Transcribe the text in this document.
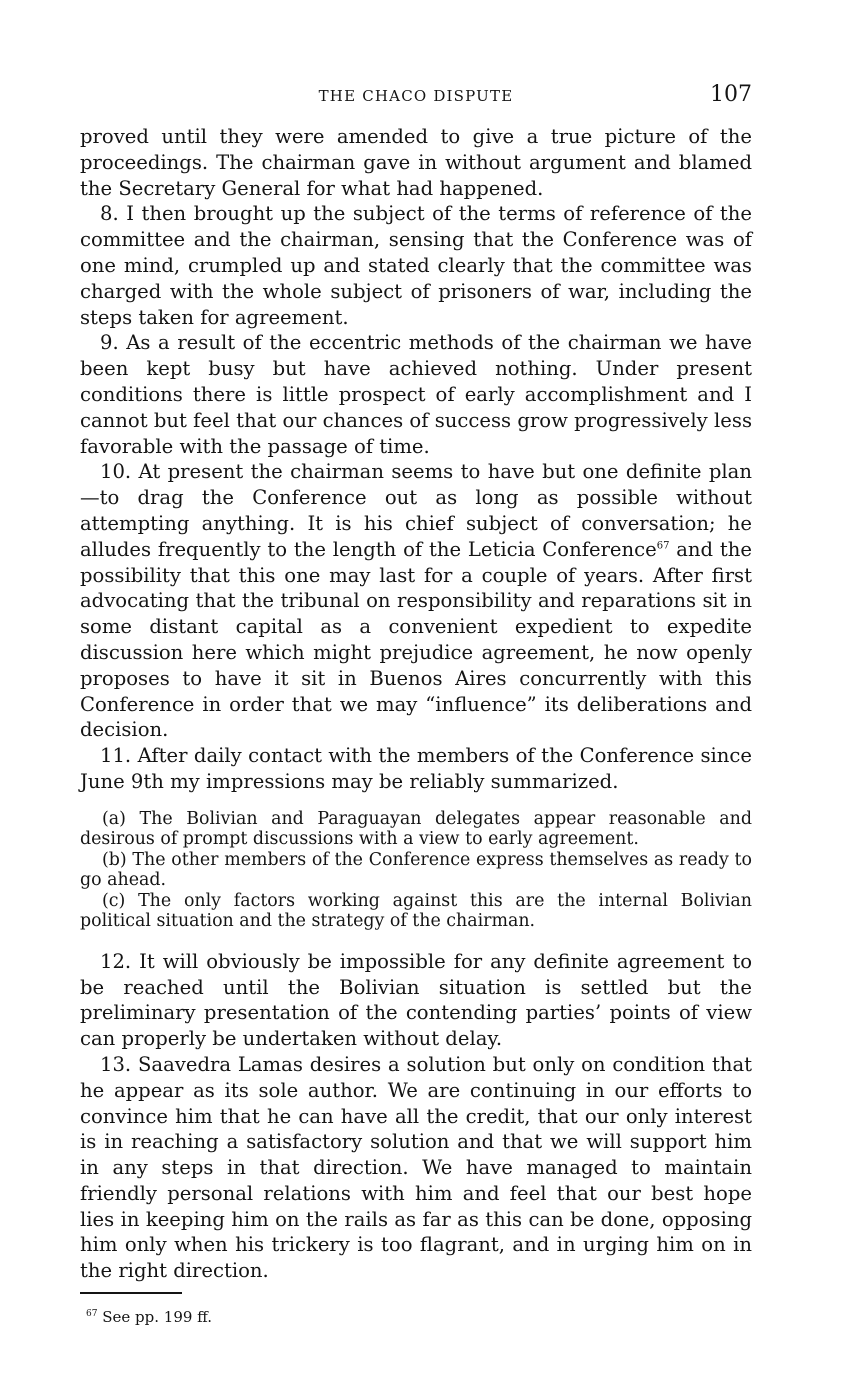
THE CHACO DISPUTE	107

proved until they were amended to give a true picture of the proceedings. The chairman gave in without argument and blamed the Secretary General for what had happened.

8. I then brought up the subject of the terms of reference of the committee and the chairman, sensing that the Conference was of one mind, crumpled up and stated clearly that the committee was charged with the whole subject of prisoners of war, including the steps taken for agreement.

9. As a result of the eccentric methods of the chairman we have been kept busy but have achieved nothing. Under present conditions there is little prospect of early accomplishment and I cannot but feel that our chances of success grow progressively less favorable with the passage of time.

10. At present the chairman seems to have but one definite plan—to drag the Conference out as long as possible without attempting anything. It is his chief subject of conversation; he alludes frequently to the length of the Leticia Conference$^{67}$ and the possibility that this one may last for a couple of years. After first advocating that the tribunal on responsibility and reparations sit in some distant capital as a convenient expedient to expedite discussion here which might prejudice agreement, he now openly proposes to have it sit in Buenos Aires concurrently with this Conference in order that we may “influence” its deliberations and decision.

11. After daily contact with the members of the Conference since June 9th my impressions may be reliably summarized.

(a) The Bolivian and Paraguayan delegates appear reasonable and desirous of prompt discussions with a view to early agreement.

(b) The other members of the Conference express themselves as ready to go ahead.

(c) The only factors working against this are the internal Bolivian political situation and the strategy of the chairman.

12. It will obviously be impossible for any definite agreement to be reached until the Bolivian situation is settled but the preliminary presentation of the contending parties’ points of view can properly be undertaken without delay.

13. Saavedra Lamas desires a solution but only on condition that he appear as its sole author. We are continuing in our efforts to convince him that he can have all the credit, that our only interest is in reaching a satisfactory solution and that we will support him in any steps in that direction. We have managed to maintain friendly personal relations with him and feel that our best hope lies in keeping him on the rails as far as this can be done, opposing him only when his trickery is too flagrant, and in urging him on in the right direction.

$^{67}$ See pp. 199 ff.
